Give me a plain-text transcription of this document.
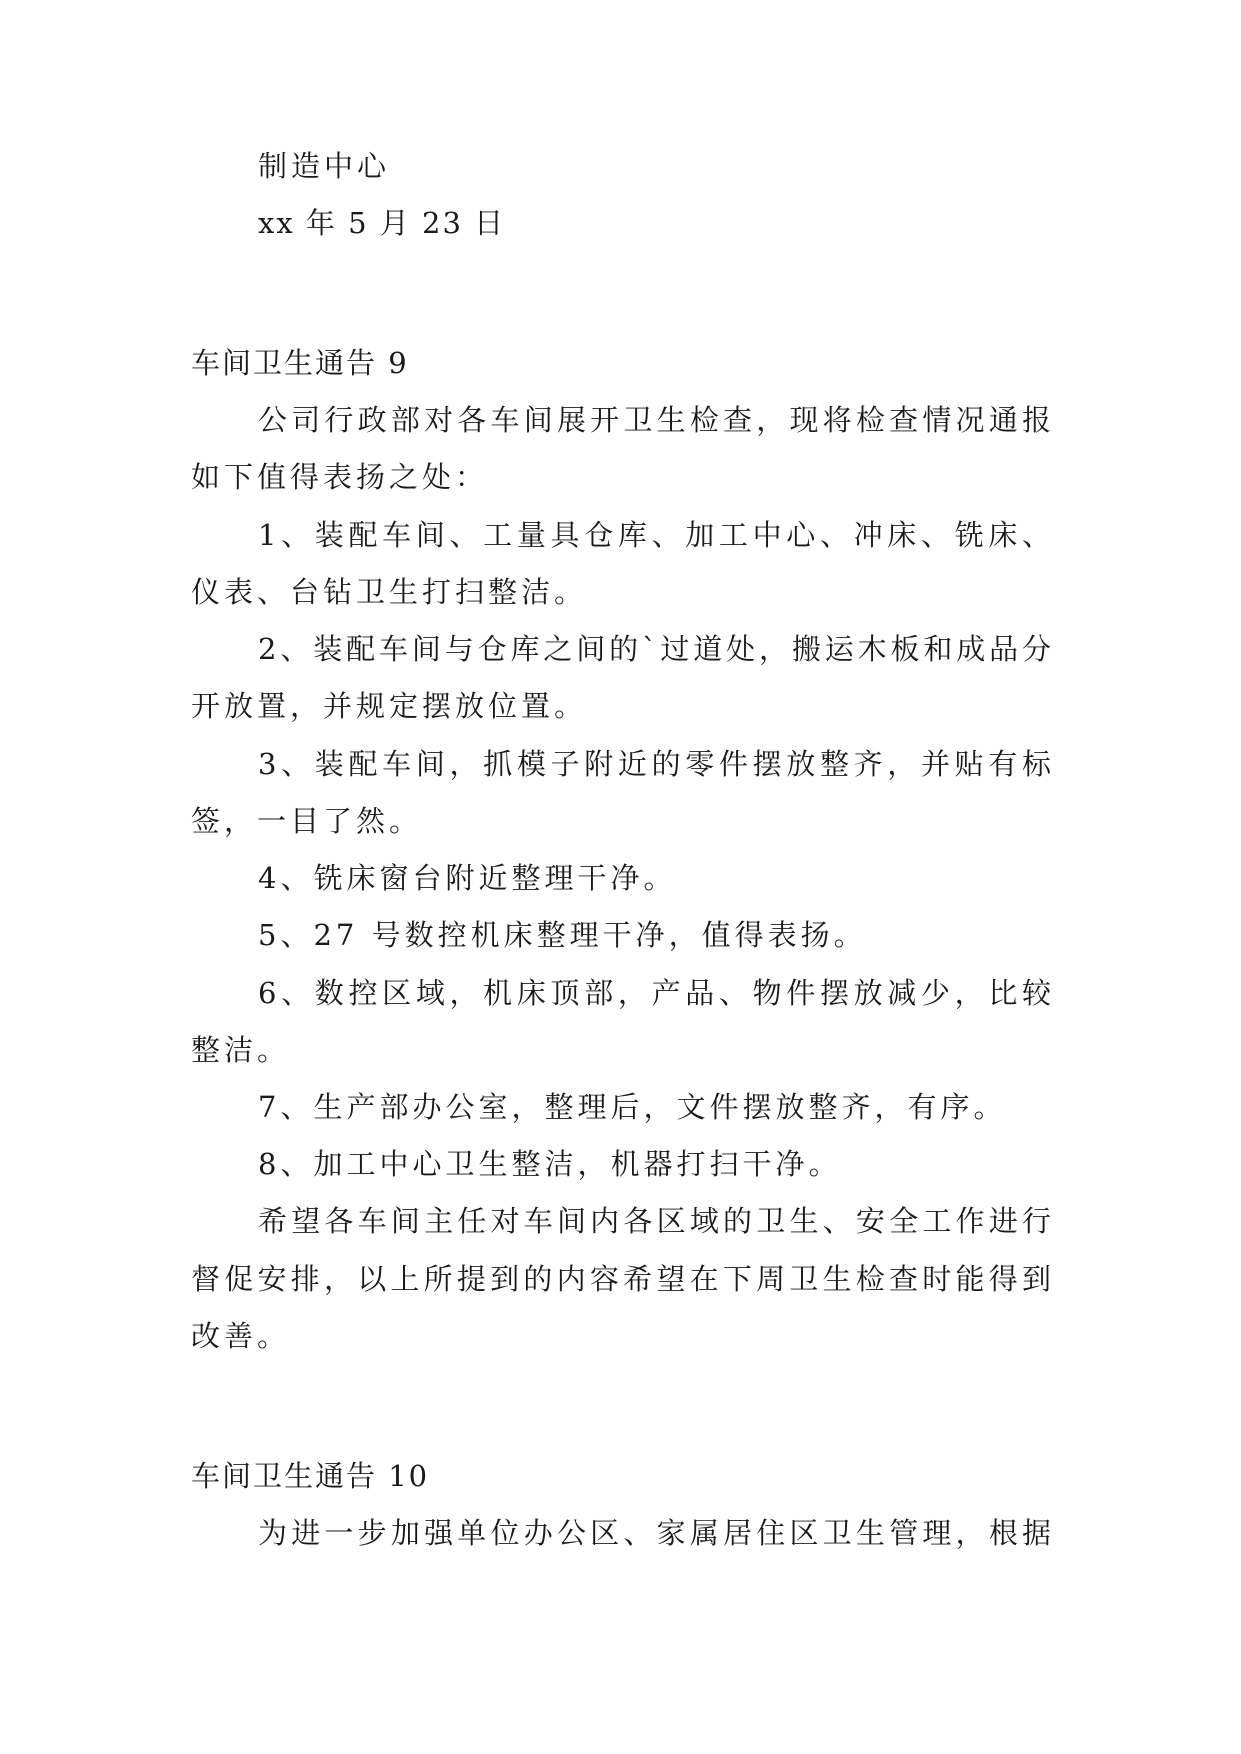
制造中心
xx 年 5 月 23 日
车间卫生通告 9
公司行政部对各车间展开卫生检查，现将检查情况通报
如下值得表扬之处：
1、装配车间、工量具仓库、加工中心、冲床、铣床、
仪表、台钻卫生打扫整洁。
2、装配车间与仓库之间的`过道处，搬运木板和成品分
开放置，并规定摆放位置。
3、装配车间，抓模子附近的零件摆放整齐，并贴有标
签，一目了然。
4、铣床窗台附近整理干净。
5、27 号数控机床整理干净，值得表扬。
6、数控区域，机床顶部，产品、物件摆放减少，比较
整洁。
7、生产部办公室，整理后，文件摆放整齐，有序。
8、加工中心卫生整洁，机器打扫干净。
希望各车间主任对车间内各区域的卫生、安全工作进行
督促安排，以上所提到的内容希望在下周卫生检查时能得到
改善。
车间卫生通告 10
为进一步加强单位办公区、家属居住区卫生管理，根据
